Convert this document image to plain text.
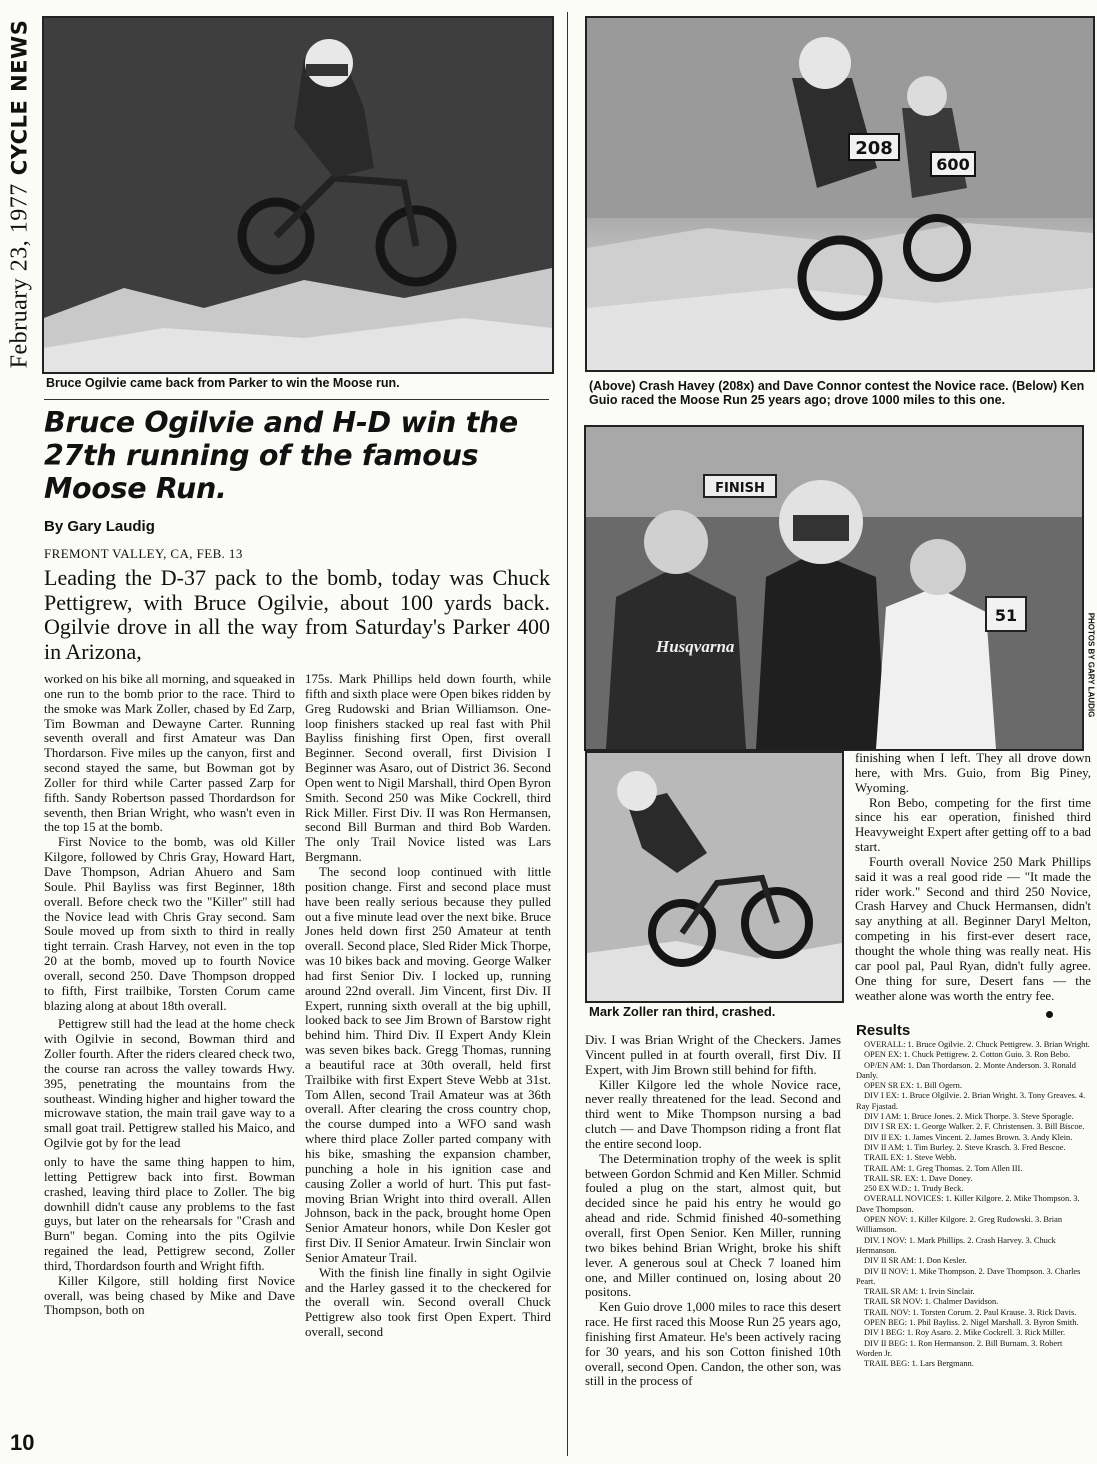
February 23, 1977CYCLE NEWS
Bruce Ogilvie came back from Parker to win the Moose run.
208
600
(Above) Crash Havey (208x) and Dave Connor contest the Novice race. (Below) Ken Guio raced the Moose Run 25 years ago; drove 1000 miles to this one.
FINISH
Husqvarna
51	PHOTOS BY GARY LAUDIG
Mark Zoller ran third, crashed.
Bruce Ogilvie and H-D win the 27th running of the famous Moose Run.
By Gary Laudig
FREMONT VALLEY, CA, FEB. 13
Leading the D-37 pack to the bomb, today was Chuck Pettigrew, with Bruce Ogilvie, about 100 yards back. Ogilvie drove in all the way from Saturday's Parker 400 in Arizona,

worked on his bike all morning, and squeaked in one run to the bomb prior to the race. Third to the smoke was Mark Zoller, chased by Ed Zarp, Tim Bowman and Dewayne Carter. Running seventh overall and first Amateur was Dan Thordarson. Five miles up the canyon, first and second stayed the same, but Bowman got by Zoller for third while Carter passed Zarp for fifth. Sandy Robertson passed Thordardson for seventh, then Brian Wright, who wasn't even in the top 15 at the bomb.

First Novice to the bomb, was old Killer Kilgore, followed by Chris Gray, Howard Hart, Dave Thompson, Adrian Ahuero and Sam Soule. Phil Bayliss was first Beginner, 18th overall. Before check two the "Killer" still had the Novice lead with Chris Gray second. Sam Soule moved up from sixth to third in really tight terrain. Crash Harvey, not even in the top 20 at the bomb, moved up to fourth Novice overall, second 250. Dave Thompson dropped to fifth, First trailbike, Torsten Corum came blazing along at about 18th overall.

Pettigrew still had the lead at the home check with Ogilvie in second, Bowman third and Zoller fourth. After the riders cleared check two, the course ran across the valley towards Hwy. 395, penetrating the mountains from the southeast. Winding higher and higher toward the microwave station, the main trail gave way to a small goat trail. Pettigrew stalled his Maico, and Ogilvie got by for the lead

only to have the same thing happen to him, letting Pettigrew back into first. Bowman crashed, leaving third place to Zoller. The big downhill didn't cause any problems to the fast guys, but later on the rehearsals for "Crash and Burn" began. Coming into the pits Ogilvie regained the lead, Pettigrew second, Zoller third, Thordardson fourth and Wright fifth.

Killer Kilgore, still holding first Novice overall, was being chased by Mike and Dave Thompson, both on

175s. Mark Phillips held down fourth, while fifth and sixth place were Open bikes ridden by Greg Rudowski and Brian Williamson. One-loop finishers stacked up real fast with Phil Bayliss finishing first Open, first overall Beginner. Second overall, first Division I Beginner was Asaro, out of District 36. Second Open went to Nigil Marshall, third Open Byron Smith. Second 250 was Mike Cockrell, third Rick Miller. First Div. II was Ron Hermansen, second Bill Burman and third Bob Warden. The only Trail Novice listed was Lars Bergmann.

The second loop continued with little position change. First and second place must have been really serious because they pulled out a five minute lead over the next bike. Bruce Jones held down first 250 Amateur at tenth overall. Second place, Sled Rider Mick Thorpe, was 10 bikes back and moving. George Walker had first Senior Div. I locked up, running around 22nd overall. Jim Vincent, first Div. II Expert, running sixth overall at the big uphill, looked back to see Jim Brown of Barstow right behind him. Third Div. II Expert Andy Klein was seven bikes back. Gregg Thomas, running a beautiful race at 30th overall, held first Trailbike with first Expert Steve Webb at 31st. Tom Allen, second Trail Amateur was at 36th overall. After clearing the cross country chop, the course dumped into a WFO sand wash where third place Zoller parted company with his bike, smashing the expansion chamber, punching a hole in his ignition case and causing Zoller a world of hurt. This put fast-moving Brian Wright into third overall. Allen Johnson, back in the pack, brought home Open Senior Amateur honors, while Don Kesler got first Div. II Senior Amateur. Irwin Sinclair won Senior Amateur Trail.

With the finish line finally in sight Ogilvie and the Harley gassed it to the checkered for the overall win. Second overall Chuck Pettigrew also took first Open Expert. Third overall, second

Div. I was Brian Wright of the Checkers. James Vincent pulled in at fourth overall, first Div. II Expert, with Jim Brown still behind for fifth.

Killer Kilgore led the whole Novice race, never really threatened for the lead. Second and third went to Mike Thompson nursing a bad clutch — and Dave Thompson riding a front flat the entire second loop.

The Determination trophy of the week is split between Gordon Schmid and Ken Miller. Schmid fouled a plug on the start, almost quit, but decided since he paid his entry he would go ahead and ride. Schmid finished 40-something overall, first Open Senior. Ken Miller, running two bikes behind Brian Wright, broke his shift lever. A generous soul at Check 7 loaned him one, and Miller continued on, losing about 20 positons.

Ken Guio drove 1,000 miles to race this desert race. He first raced this Moose Run 25 years ago, finishing first Amateur. He's been actively racing for 30 years, and his son Cotton finished 10th overall, second Open. Candon, the other son, was still in the process of

finishing when I left. They all drove down here, with Mrs. Guio, from Big Piney, Wyoming.

Ron Bebo, competing for the first time since his ear operation, finished third Heavyweight Expert after getting off to a bad start.

Fourth overall Novice 250 Mark Phillips said it was a real good ride — "It made the rider work." Second and third 250 Novice, Crash Harvey and Chuck Hermansen, didn't say anything at all. Beginner Daryl Melton, competing in his first-ever desert race, thought the whole thing was really neat. His car pool pal, Paul Ryan, didn't fully agree. One thing for sure, Desert fans — the weather alone was worth the entry fee.

Results
OVERALL: 1. Bruce Ogilvie. 2. Chuck Pettigrew. 3. Brian Wright.
OPEN EX: 1. Chuck Pettigrew. 2. Cotton Guio. 3. Ron Bebo.
OP/EN AM: 1. Dan Thordarson. 2. Monte Anderson. 3. Ronald Danly.
OPEN SR EX: 1. Bill Ogern.
DIV I EX: 1. Bruce Olgilvie. 2. Brian Wright. 3. Tony Greaves. 4. Ray Fjastad.
DIV I AM: 1. Bruce Jones. 2. Mick Thorpe. 3. Steve Sporagle.
DIV I SR EX: 1. George Walker. 2. F. Christensen. 3. Bill Biscoe.
DIV II EX: 1. James Vincent. 2. James Brown. 3. Andy Klein.
DIV II AM: 1. Tim Burley. 2. Steve Krasch. 3. Fred Bescoe.
TRAIL EX: 1. Steve Webb.
TRAIL AM: 1. Greg Thomas. 2. Tom Allen III.
TRAIL SR. EX: 1. Dave Doney.
250 EX W.D.: 1. Trudy Beck.
OVERALL NOVICES: 1. Killer Kilgore. 2. Mike Thompson. 3. Dave Thompson.
OPEN NOV: 1. Killer Kilgore. 2. Greg Rudowski. 3. Brian Williamson.
DIV. I NOV: 1. Mark Phillips. 2. Crash Harvey. 3. Chuck Hermanson.
DIV II SR AM: 1. Don Kesler.
DIV II NOV: 1. Mike Thompson. 2. Dave Thompson. 3. Charles Peart.
TRAIL SR AM: 1. Irvin Sinclair.
TRAIL SR NOV: 1. Chalmer Davidson.
TRAIL NOV: 1. Torsten Corum. 2. Paul Krause. 3. Rick Davis.
OPEN BEG: 1. Phil Bayliss. 2. Nigel Marshall. 3. Byron Smith.
DIV I BEG: 1. Roy Asaro. 2. Mike Cockrell. 3. Rick Miller.
DIV II BEG: 1. Ron Hermanson. 2. Bill Burnam. 3. Robert Worden Jr.
TRAIL BEG: 1. Lars Bergmann.
10
